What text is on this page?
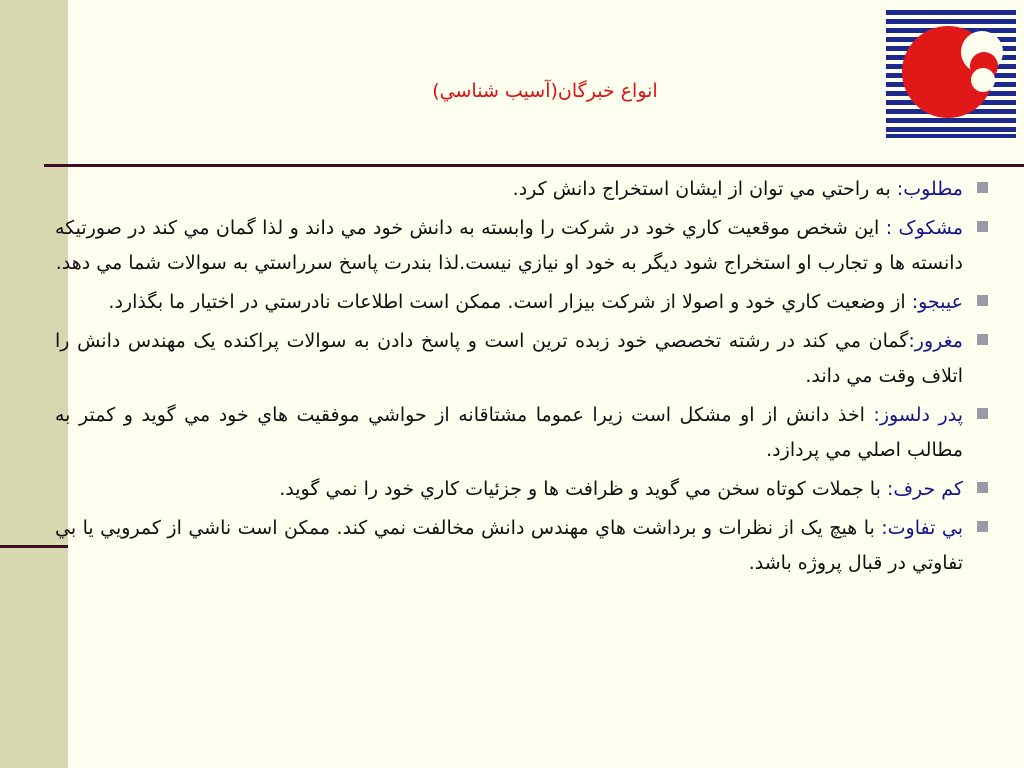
انواع خبرگان(آسيب شناسي)
مطلوب: به راحتي مي توان از ايشان استخراج دانش کرد.
مشکوک : اين شخص موقعيت کاري خود در شرکت را وابسته به دانش خود مي داند و لذا گمان مي کند در صورتيکه دانسته ها و تجارب او استخراج شود ديگر به خود او نيازي نيست.لذا بندرت پاسخ سرراستي به سوالات شما مي دهد.
عيبجو: از وضعيت کاري خود و اصولا از شرکت بيزار است. ممکن است اطلاعات نادرستي در اختيار ما بگذارد.
مغرور:گمان مي کند در رشته تخصصي خود زبده ترين است و پاسخ دادن به سوالات پراکنده يک مهندس دانش را اتلاف وقت مي داند.
پدر دلسوز: اخذ دانش از او مشکل است زيرا عموما مشتاقانه از حواشي موفقيت هاي خود مي گويد و کمتر به مطالب اصلي مي پردازد.
کم حرف: با جملات کوتاه سخن مي گويد و ظرافت ها و جزئيات کاري خود را نمي گويد.
بي تفاوت: با هيچ يک از نظرات و برداشت هاي مهندس دانش مخالفت نمي کند. ممکن است ناشي از کمرويي يا بي تفاوتي در قبال پروژه باشد.
